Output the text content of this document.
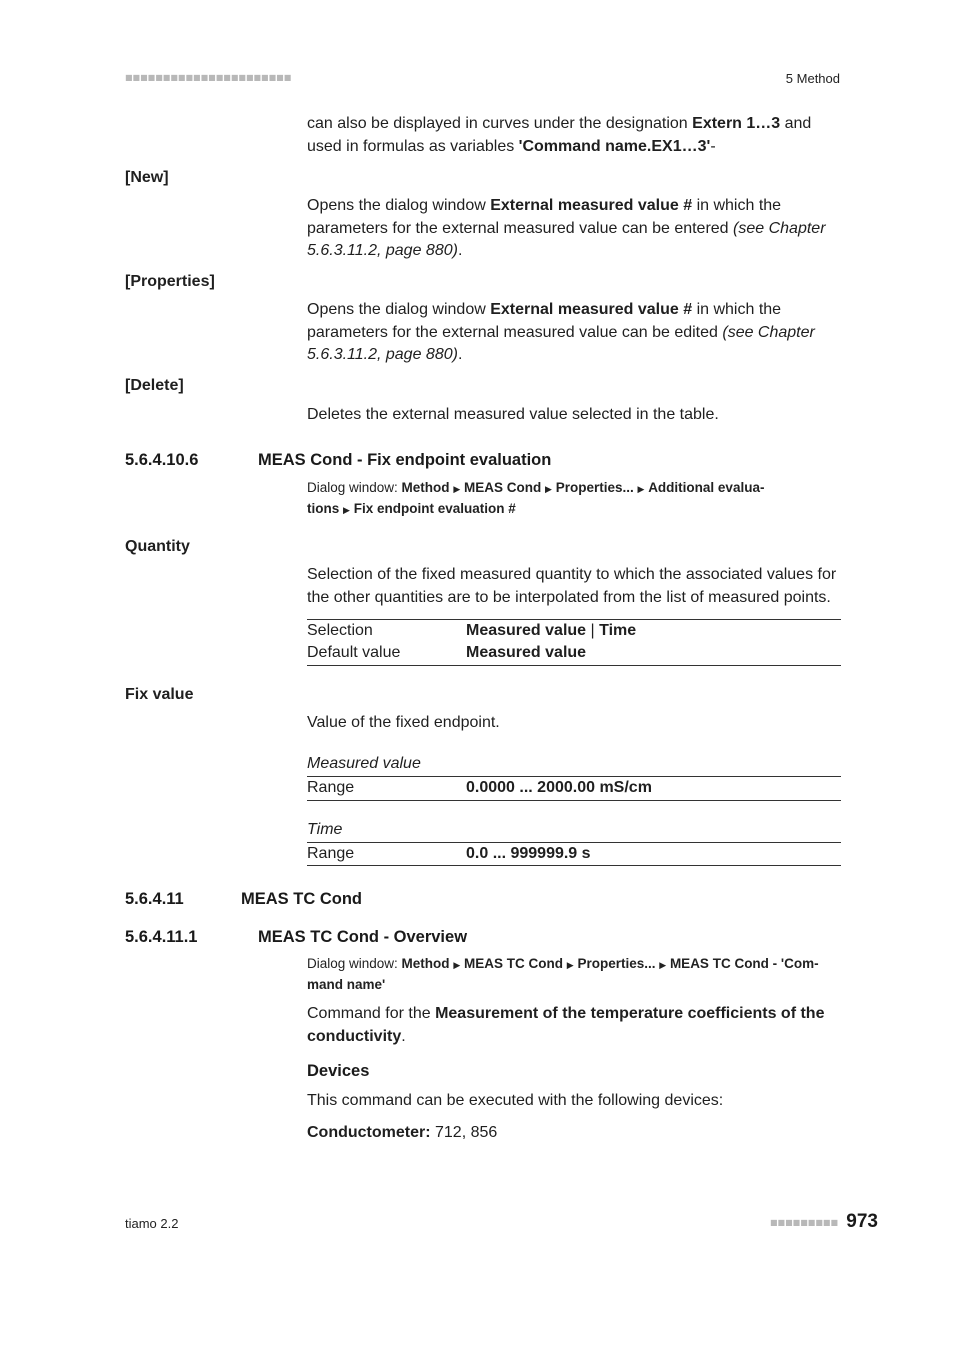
■■■■■■■■■■■■■■■■■■■■■■	5 Method
can also be displayed in curves under the designation Extern 1…3 and used in formulas as variables 'Command name.EX1…3'-
[New]
Opens the dialog window External measured value # in which the parameters for the external measured value can be entered (see Chapter 5.6.3.11.2, page 880).
[Properties]
Opens the dialog window External measured value # in which the parameters for the external measured value can be edited (see Chapter 5.6.3.11.2, page 880).
[Delete]
Deletes the external measured value selected in the table.
5.6.4.10.6	MEAS Cond - Fix endpoint evaluation
Dialog window: Method ▶ MEAS Cond ▶ Properties... ▶ Additional evalua-
tions ▶ Fix endpoint evaluation #
Quantity
Selection of the fixed measured quantity to which the associated values for the other quantities are to be interpolated from the list of measured points.
Selection	Measured value | Time
Default value	Measured value
Fix value
Value of the fixed endpoint.
Measured value
Range	0.0000 ... 2000.00 mS/cm
Time
Range	0.0 ... 999999.9 s
5.6.4.11	MEAS TC Cond
5.6.4.11.1	MEAS TC Cond - Overview
Dialog window: Method ▶ MEAS TC Cond ▶ Properties... ▶ MEAS TC Cond - 'Com-
mand name'
Command for the Measurement of the temperature coefficients of the conductivity.
Devices
This command can be executed with the following devices:
Conductometer: 712, 856
tiamo 2.2	■■■■■■■■■ 973
